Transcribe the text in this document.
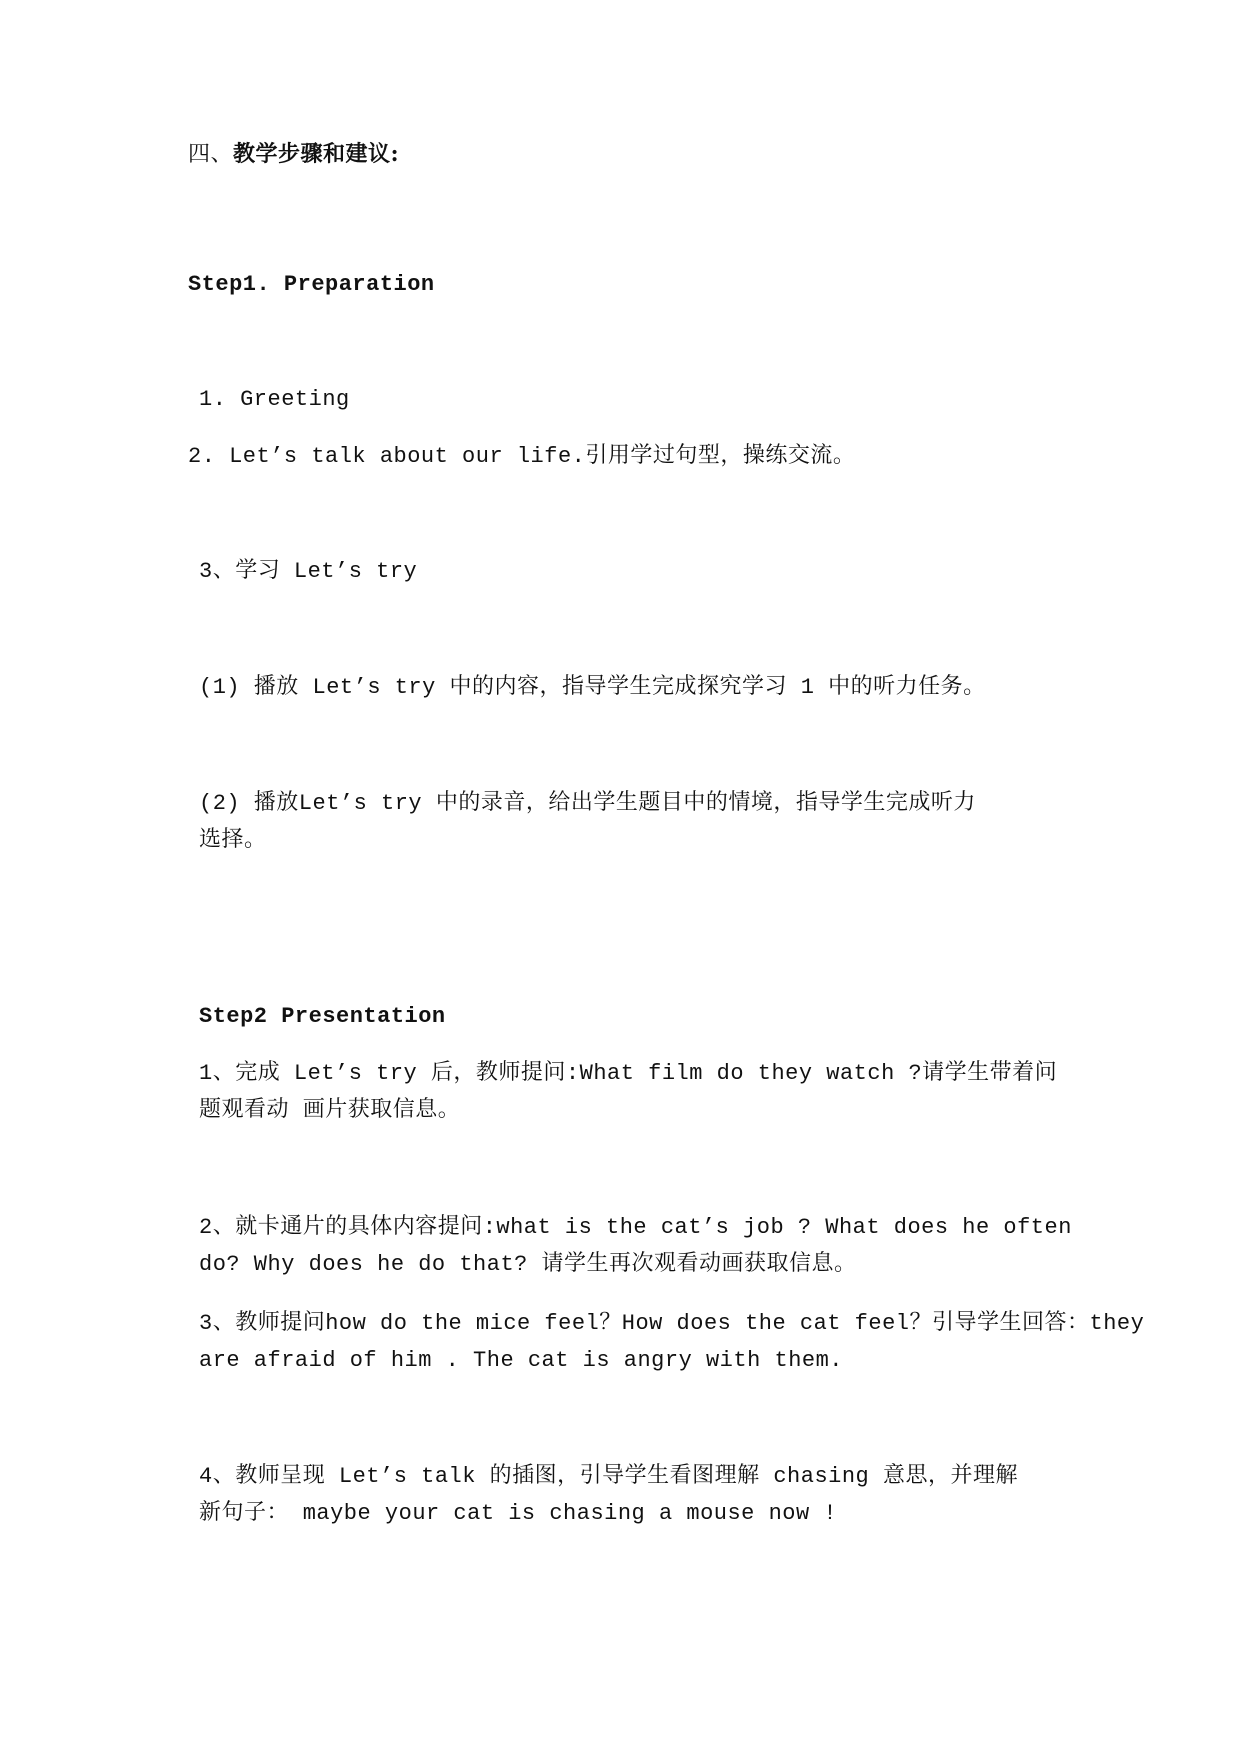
四、教学步骤和建议:
Step1. Preparation
1. Greeting
2. Let’s talk about our life.引用学过句型，操练交流。
3、学习 Let’s try
(1) 播放 Let’s try 中的内容，指导学生完成探究学习 1 中的听力任务。
(2) 播放Let’s try 中的录音，给出学生题目中的情境，指导学生完成听力
选择。
Step2 Presentation
1、完成 Let’s try 后，教师提问:What film do they watch ?请学生带着问
题观看动 画片获取信息。
2、就卡通片的具体内容提问:what is the cat’s job ? What does he often
do? Why does he do that? 请学生再次观看动画获取信息。
3、教师提问how do the mice feel？How does the cat feel？引导学生回答：they
are afraid of him . The cat is angry with them.
4、教师呈现 Let’s talk 的插图，引导学生看图理解 chasing 意思，并理解
新句子： maybe your cat is chasing a mouse now !
